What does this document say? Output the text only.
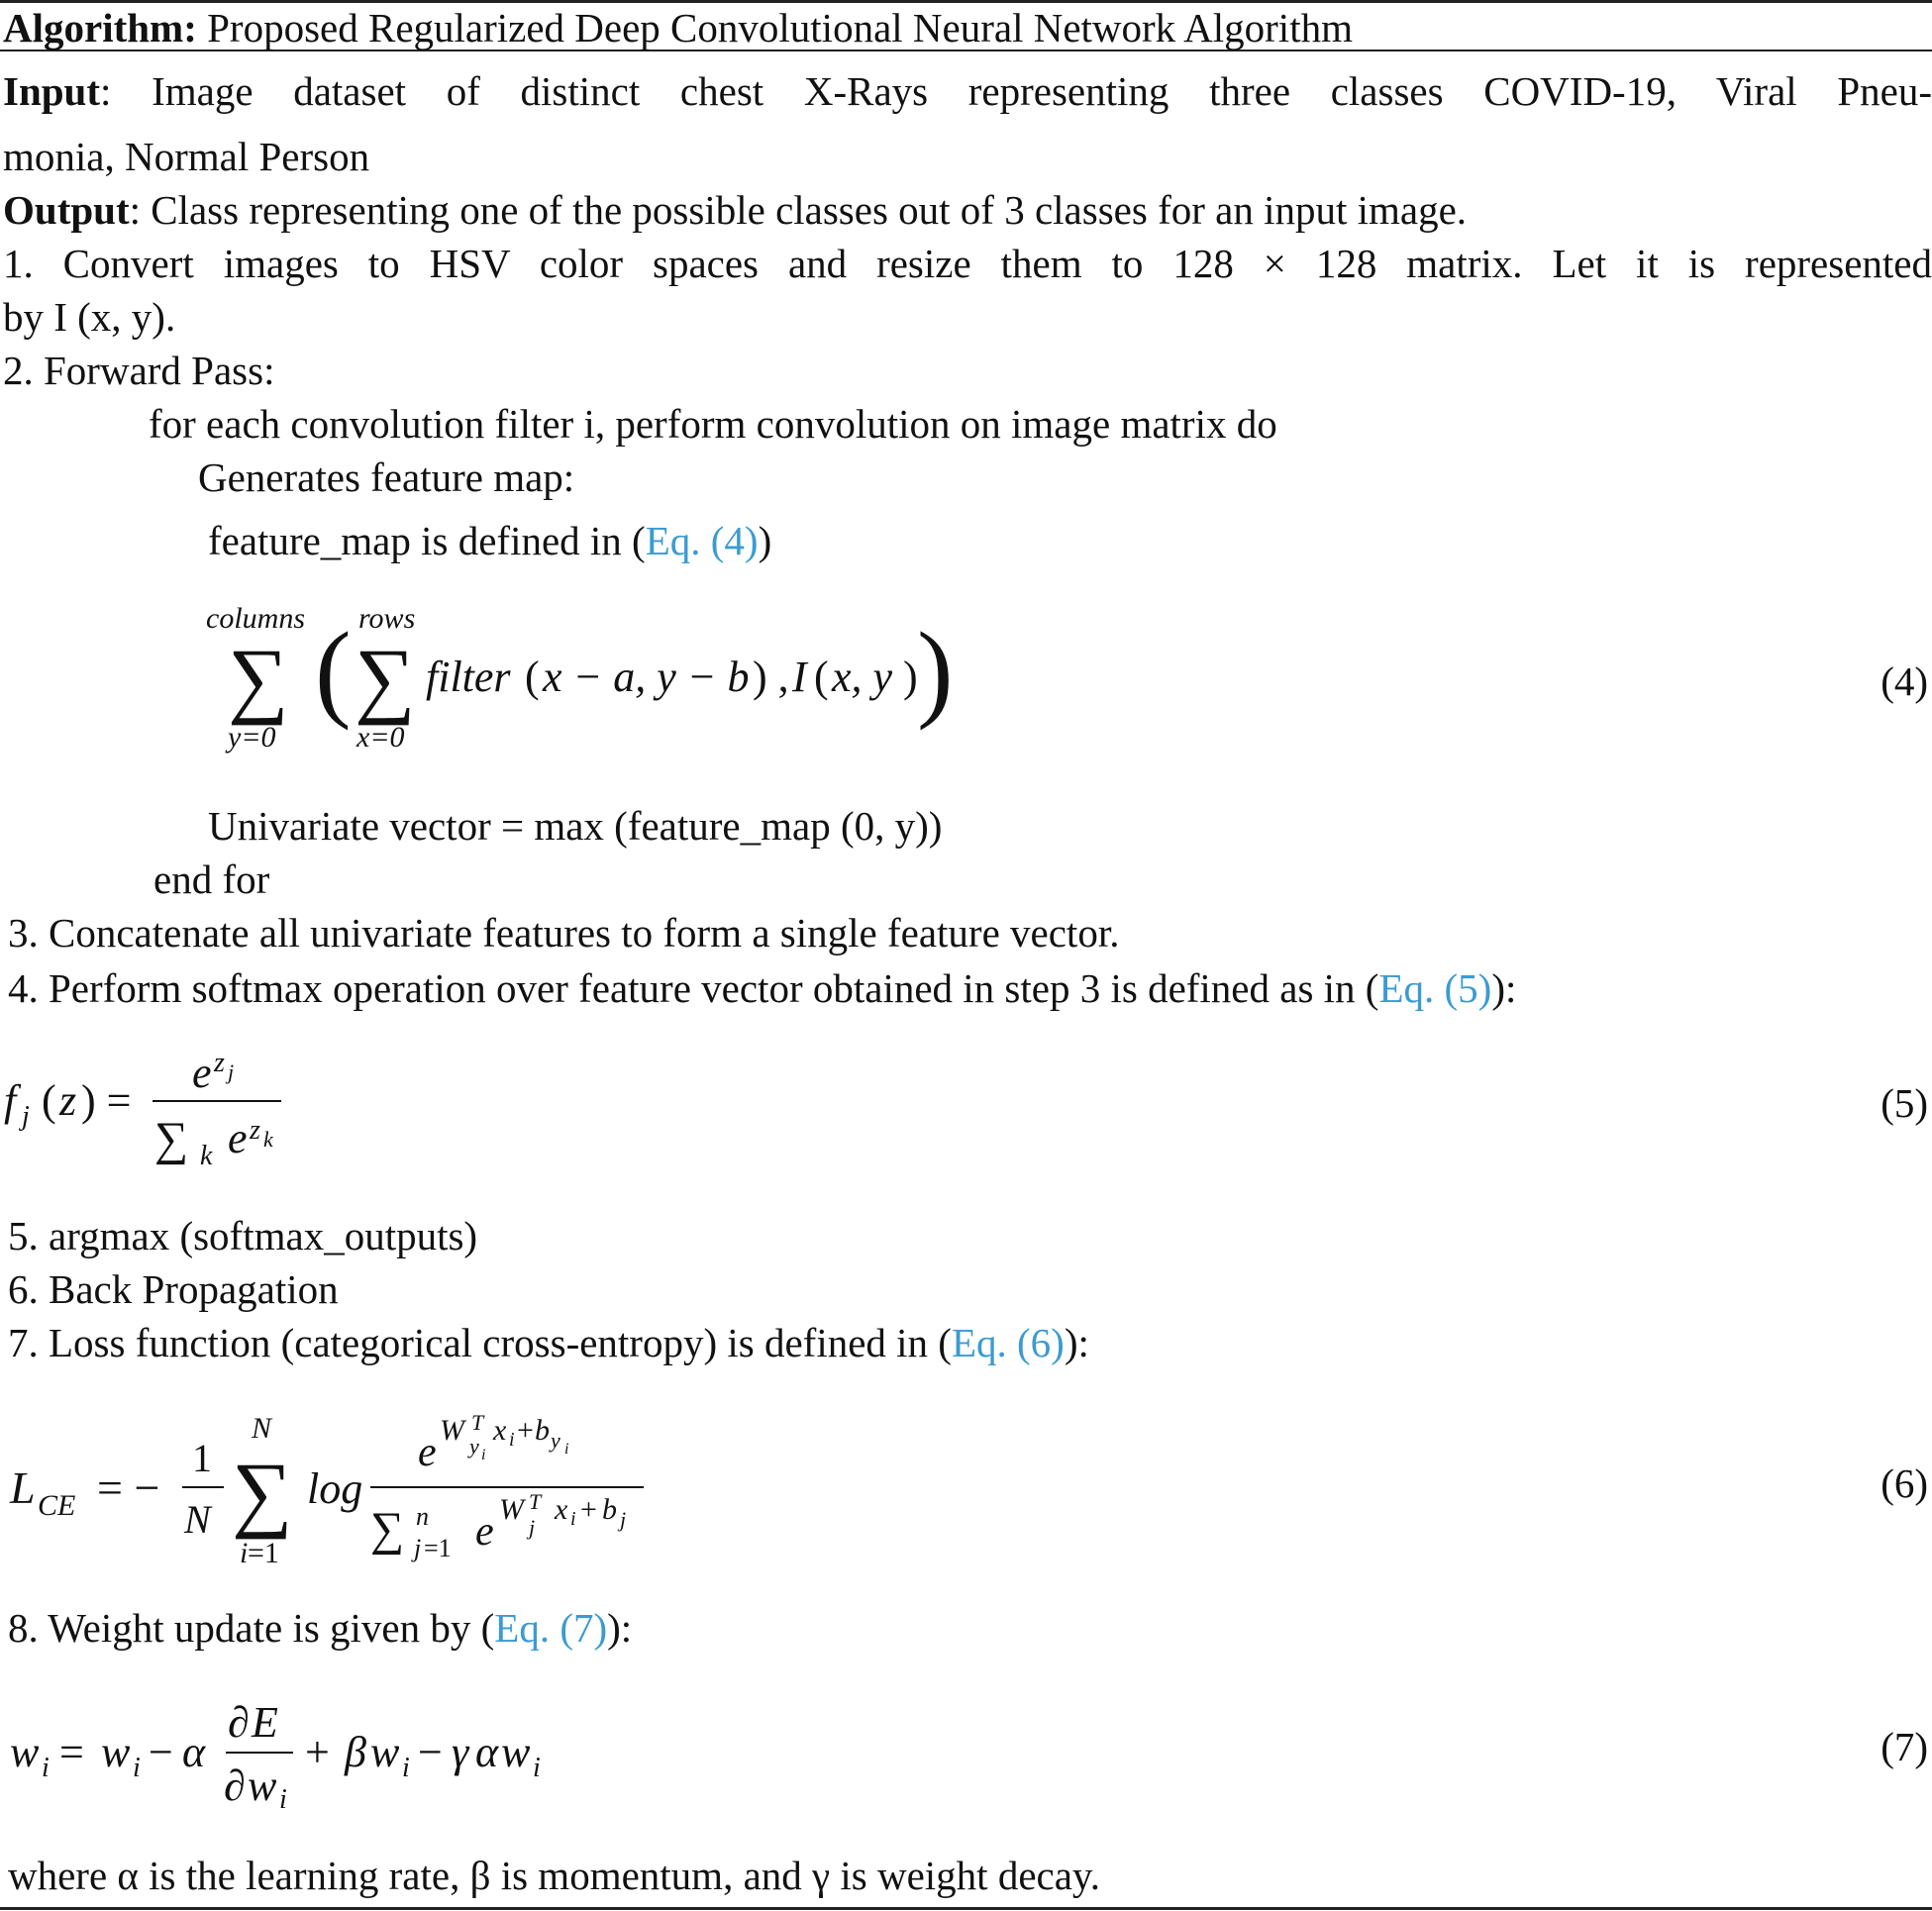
Algorithm: Proposed Regularized Deep Convolutional Neural Network Algorithm
Input: Image dataset of distinct chest X-Rays representing three classes COVID-19, Viral Pneu-
monia, Normal Person
Output: Class representing one of the possible classes out of 3 classes for an input image.
1. Convert images to HSV color spaces and resize them to 128 × 128 matrix. Let it is represented
by I (x, y).
2. Forward Pass:
for each convolution filter i, perform convolution on image matrix do
Generates feature map:
feature_map is defined in (Eq. (4))
columns
∑
y=0
( rows
∑
x=0
filter ( x − a, y − b ) , I ( x, y ) )	(4)
Univariate vector = max (feature_map (0, y))
end for
3. Concatenate all univariate features to form a single feature vector.
4. Perform softmax operation over feature vector obtained in step 3 is defined as in (Eq. (5)):
f j ( z ) =
e z j
∑ k e z k
(5)
5. argmax (softmax_outputs)
6. Back Propagation
7. Loss function (categorical cross-entropy) is defined in (Eq. (6)):
L CE = −
1
N
N
∑
i =1
log
e W T
y i
x i + b y i
∑ n
j =1 e W T
j
x i + b j
(6)
8. Weight update is given by (Eq. (7)):
w i = w i − α
∂ E
∂ w i
+ β w i − γ α w i	(7)
where α is the learning rate, β is momentum, and γ is weight decay.
